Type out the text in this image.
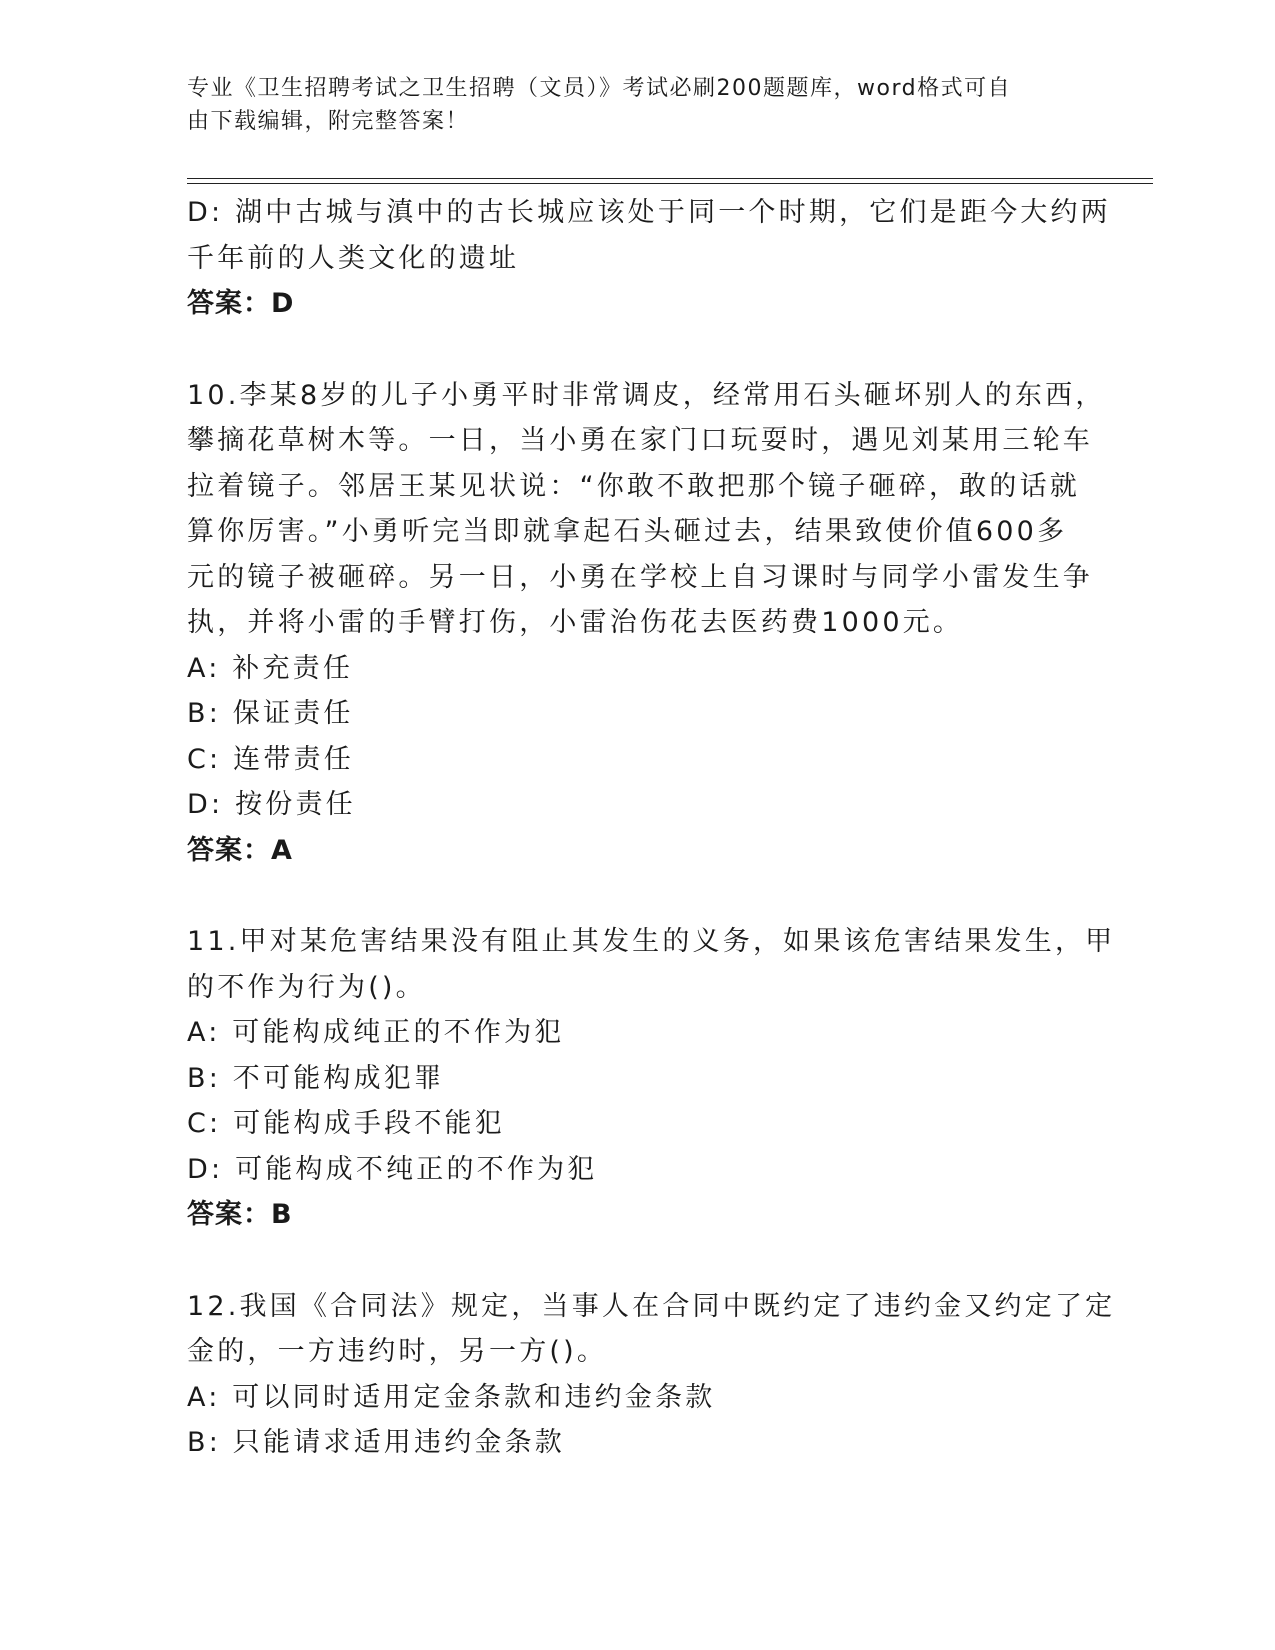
专业《卫生招聘考试之卫生招聘（文员）》考试必刷200题题库，word格式可自
由下载编辑，附完整答案！
D: 湖中古城与滇中的古长城应该处于同一个时期，它们是距今大约两
千年前的人类文化的遗址
答案：D
10.李某8岁的儿子小勇平时非常调皮，经常用石头砸坏别人的东西，
攀摘花草树木等。一日，当小勇在家门口玩耍时，遇见刘某用三轮车
拉着镜子。邻居王某见状说：“你敢不敢把那个镜子砸碎，敢的话就
算你厉害。”小勇听完当即就拿起石头砸过去，结果致使价值600多
元的镜子被砸碎。另一日，小勇在学校上自习课时与同学小雷发生争
执，并将小雷的手臂打伤，小雷治伤花去医药费1000元。
A: 补充责任
B: 保证责任
C: 连带责任
D: 按份责任
答案：A
11.甲对某危害结果没有阻止其发生的义务，如果该危害结果发生，甲
的不作为行为()。
A: 可能构成纯正的不作为犯
B: 不可能构成犯罪
C: 可能构成手段不能犯
D: 可能构成不纯正的不作为犯
答案：B
12.我国《合同法》规定，当事人在合同中既约定了违约金又约定了定
金的，一方违约时，另一方()。
A: 可以同时适用定金条款和违约金条款
B: 只能请求适用违约金条款
